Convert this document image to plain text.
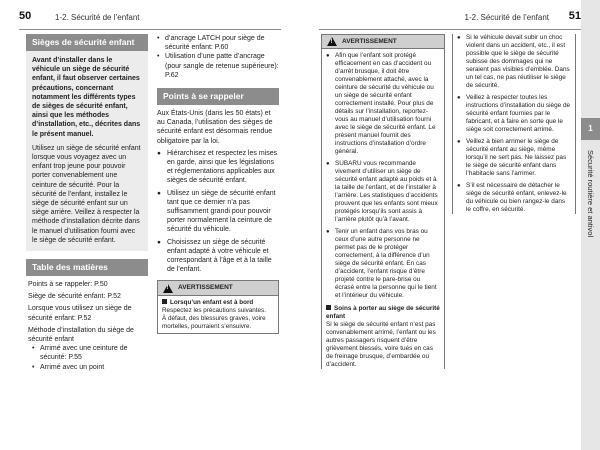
50	1-2. Sécurité de l’enfant	1-2. Sécurité de l’enfant 51
Sièges de sécurité enfant
Avant d’installer dans le véhicule un siège de sécurité enfant, il faut observer certaines précautions, concernant notamment les différents types de sièges de sécurité enfant, ainsi que les méthodes d’installation, etc., décrites dans le présent manuel.
Utilisez un siège de sécurité enfant lorsque vous voyagez avec un enfant trop jeune pour pouvoir porter convenablement une ceinture de sécurité. Pour la sécurité de l’enfant, installez le siège de sécurité enfant sur un siège arrière. Veillez à respecter la méthode d’installation décrite dans le manuel d’utilisation fourni avec le siège de sécurité enfant.
Table des matières
Points à se rappeler: P.50
Siège de sécurité enfant: P.52
Lorsque vous utilisez un siège de sécurité enfant: P.52
Méthode d’installation du siège de sécurité enfant
• Arrimé avec une ceinture de sécurité: P.55
• Arrimé avec un point
• d’ancrage LATCH pour siège de sécurité enfant: P.60
• Utilisation d’une patte d’ancrage (pour sangle de retenue supérieure): P.62
Points à se rappeler
Aux États-Unis (dans les 50 états) et au Canada, l’utilisation des sièges de sécurité enfant est désormais rendue obligatoire par la loi.
● Hiérarchisez et respectez les mises en garde, ainsi que les législations et réglementations applicables aux sièges de sécurité enfant.
● Utilisez un siège de sécurité enfant tant que ce dernier n’a pas suffisamment grandi pour pouvoir porter normalement la ceinture de sécurité du véhicule.
● Choisissez un siège de sécurité enfant adapté à votre véhicule et correspondant à l’âge et à la taille de l’enfant.
!
AVERTISSEMENT
Lorsqu’un enfant est à bord
Respectez les précautions suivantes.
À défaut, des blessures graves, voire mortelles, pourraient s’ensuivre.
!
AVERTISSEMENT
● Afin que l’enfant soit protégé efficacement en cas d’accident ou d’arrêt brusque, il doit être convenablement attaché, avec la ceinture de sécurité du véhicule ou un siège de sécurité enfant correctement installé. Pour plus de détails sur l’installation, reportez-vous au manuel d’utilisation fourni avec le siège de sécurité enfant. Le présent manuel fournit des instructions d’installation d’ordre général.
● SUBARU vous recommande vivement d’utiliser un siège de sécurité enfant adapté au poids et à la taille de l’enfant, et de l’installer à l’arrière. Les statistiques d’accidents prouvent que les enfants sont mieux protégés lorsqu’ils sont assis à l’arrière plutôt qu’à l’avant.
● Tenir un enfant dans vos bras ou ceux d’une autre personne ne permet pas de le protéger correctement, à la différence d’un siège de sécurité enfant. En cas d’accident, l’enfant risque d’être projeté contre le pare-brise ou écrasé entre la personne qui le tient et l’intérieur du véhicule.
Soins à porter au siège de sécurité enfant
Si le siège de sécurité enfant n’est pas convenablement arrimé, l’enfant ou les autres passagers risquent d’être grièvement blessés, voire tués en cas de freinage brusque, d’embardée ou d’accident.
● Si le véhicule devait subir un choc violent dans un accident, etc., il est possible que le siège de sécurité subisse des dommages qui ne seraient pas visibles d’emblée. Dans un tel cas, ne pas réutiliser le siège de sécurité.
● Veillez à respecter toutes les instructions d’installation du siège de sécurité enfant fournies par le fabricant, et à faire en sorte que le siège soit correctement arrimé.
● Veillez à bien arrimer le siège de sécurité enfant au siège, même lorsqu’il ne sert pas. Ne laissez pas le siège de sécurité enfant dans l’habitacle sans l’arrimer.
● S’il est nécessaire de détacher le siège de sécurité enfant, enlevez-le du véhicule ou bien rangez-le dans le coffre, en sécurité.
1
Sécurité routière et antivol
